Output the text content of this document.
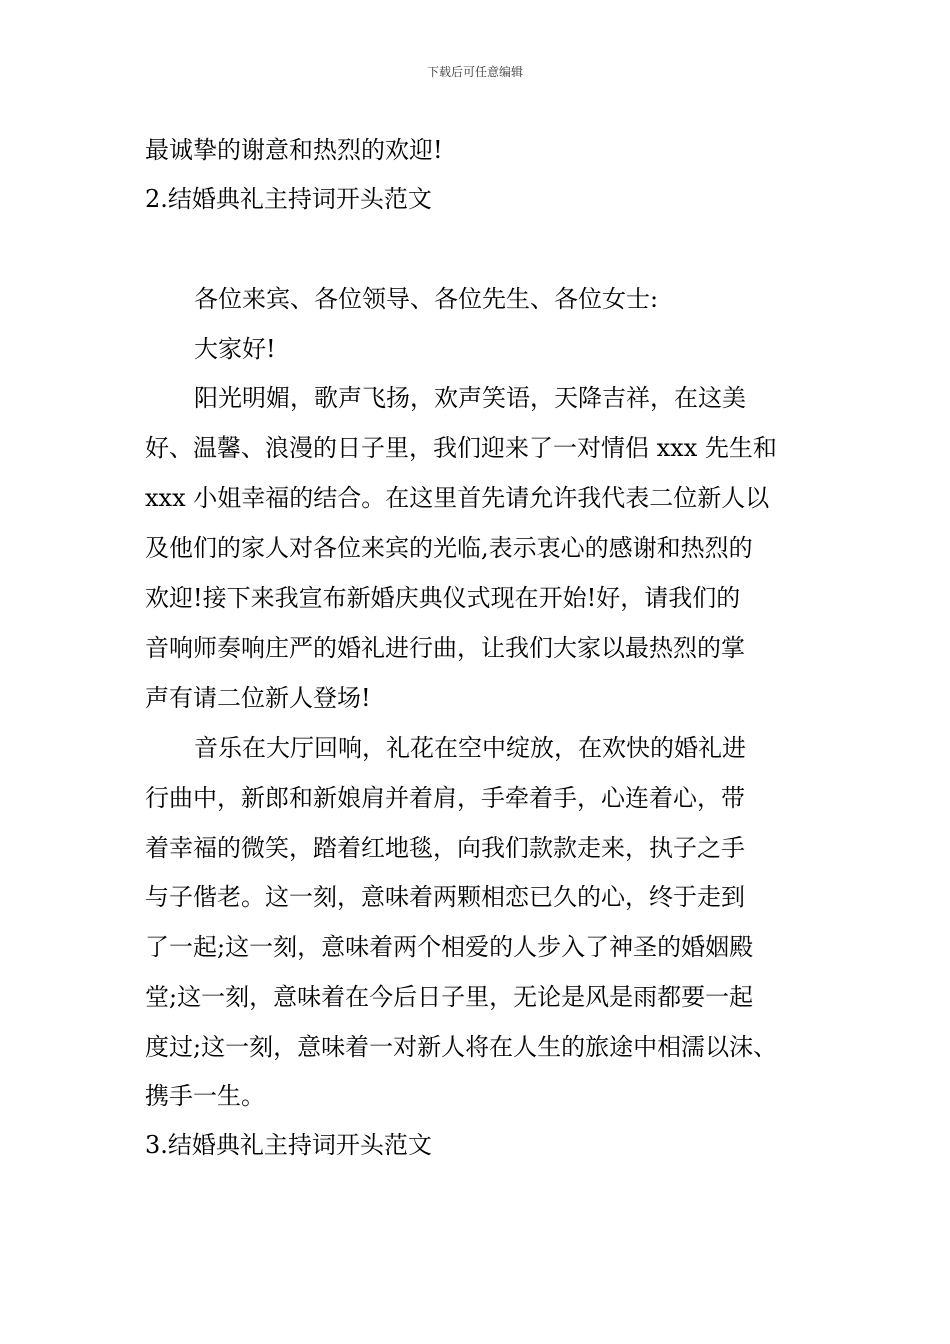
下载后可任意编辑
最诚挚的谢意和热烈的欢迎!
2.结婚典礼主持词开头范文
各位来宾、各位领导、各位先生、各位女士:
大家好!
阳光明媚，歌声飞扬，欢声笑语，天降吉祥，在这美
好、温馨、浪漫的日子里，我们迎来了一对情侣 xxx 先生和
xxx 小姐幸福的结合。在这里首先请允许我代表二位新人以
及他们的家人对各位来宾的光临,表示衷心的感谢和热烈的
欢迎!接下来我宣布新婚庆典仪式现在开始!好，请我们的
音响师奏响庄严的婚礼进行曲，让我们大家以最热烈的掌
声有请二位新人登场!
音乐在大厅回响，礼花在空中绽放，在欢快的婚礼进
行曲中，新郎和新娘肩并着肩，手牵着手，心连着心，带
着幸福的微笑，踏着红地毯，向我们款款走来，执子之手
与子偕老。这一刻，意味着两颗相恋已久的心，终于走到
了一起;这一刻，意味着两个相爱的人步入了神圣的婚姻殿
堂;这一刻，意味着在今后日子里，无论是风是雨都要一起
度过;这一刻，意味着一对新人将在人生的旅途中相濡以沫、
携手一生。
3.结婚典礼主持词开头范文
